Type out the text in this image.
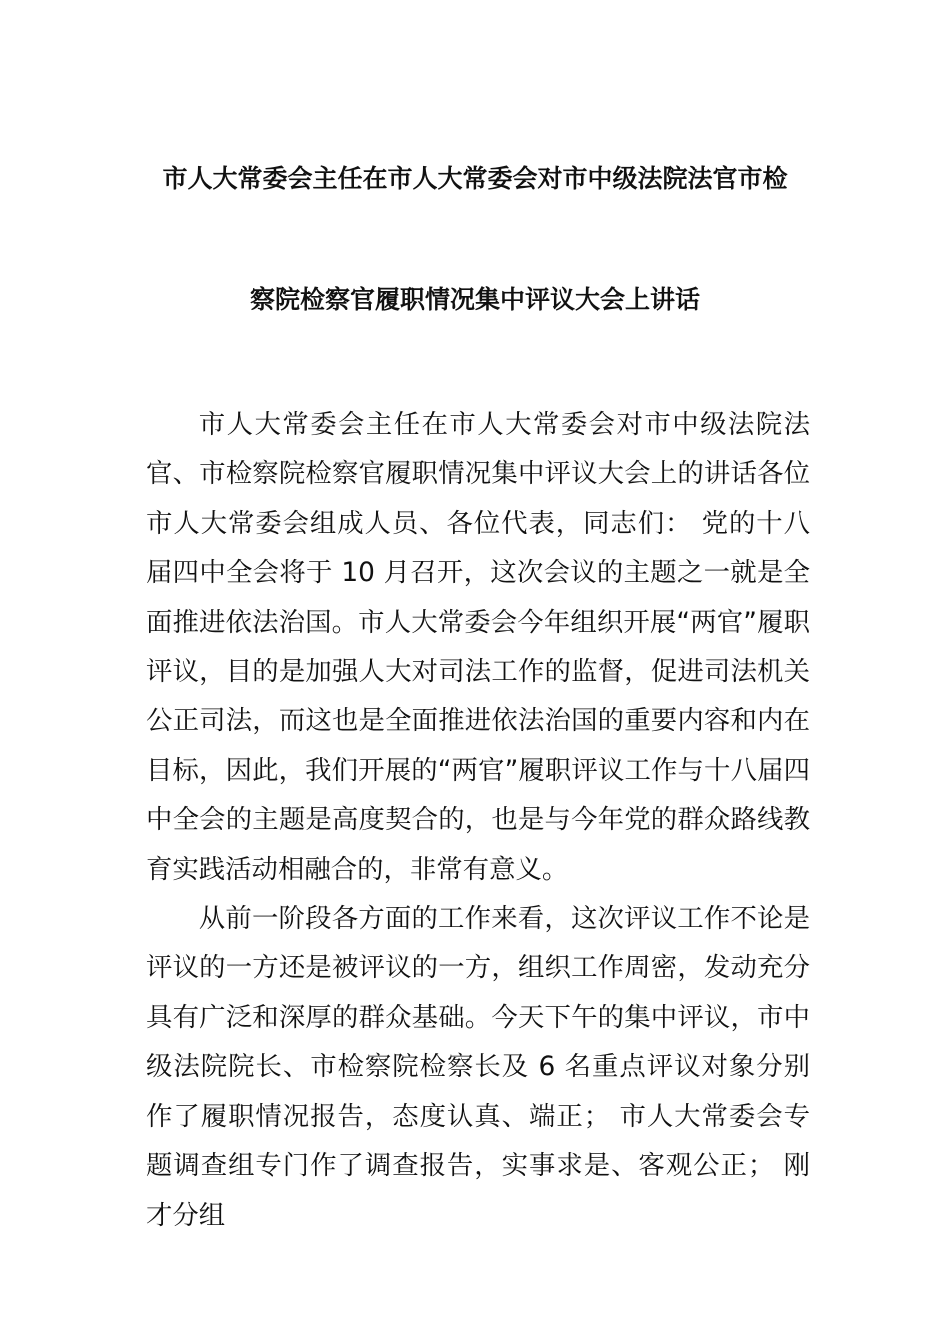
市人大常委会主任在市人大常委会对市中级法院法官市检
察院检察官履职情况集中评议大会上讲话

市人大常委会主任在市人大常委会对市中级法院法官、市检察院检察官履职情况集中评议大会上的讲话各位市人大常委会组成人员、各位代表，同志们： 党的十八届四中全会将于 10 月召开，这次会议的主题之一就是全面推进依法治国。市人大常委会今年组织开展“两官”履职评议，目的是加强人大对司法工作的监督，促进司法机关公正司法，而这也是全面推进依法治国的重要内容和内在目标，因此，我们开展的“两官”履职评议工作与十八届四中全会的主题是高度契合的，也是与今年党的群众路线教育实践活动相融合的，非常有意义。

从前一阶段各方面的工作来看，这次评议工作不论是评议的一方还是被评议的一方，组织工作周密，发动充分具有广泛和深厚的群众基础。今天下午的集中评议，市中级法院院长、市检察院检察长及 6 名重点评议对象分别作了履职情况报告，态度认真、端正； 市人大常委会专题调查组专门作了调查报告，实事求是、客观公正； 刚才分组
